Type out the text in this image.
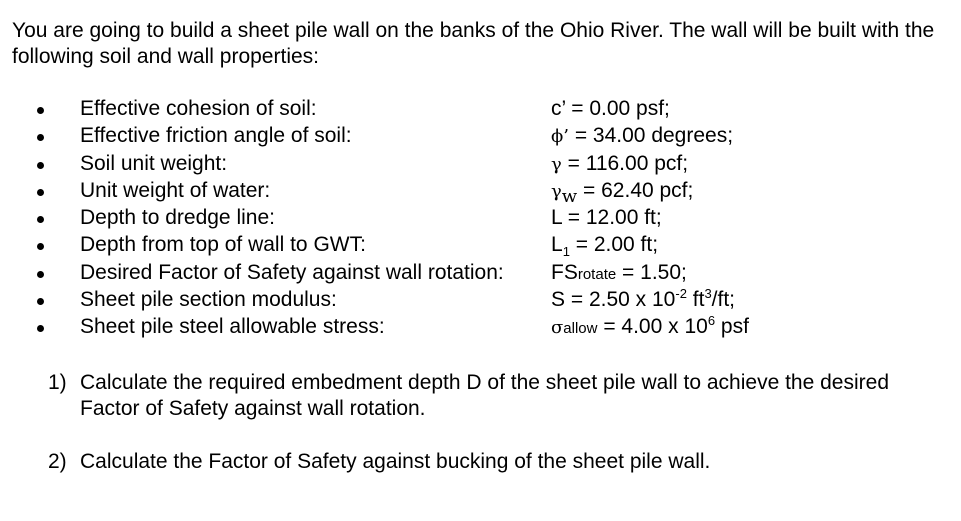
You are going to build a sheet pile wall on the banks of the Ohio River. The wall will be built with the following soil and wall properties:

Effective cohesion of soil:	c’ = 0.00 psf;
Effective friction angle of soil:	ϕ’ = 34.00 degrees;
Soil unit weight:	γ = 116.00 pcf;
Unit weight of water:	$\gamma_w = 62.40$ pcf;
Depth to dredge line:	L = 12.00 ft;
Depth from top of wall to GWT:	$L_1 = 2.00$ ft;
Desired Factor of Safety against wall rotation: FSrotate = 1.50;
Sheet pile section modulus:	S = 2.50 x $10^{-2}$ $ft^3/ft$;
Sheet pile steel allowable stress:	σallow = 4.00 x $10^6$ psf
1) Calculate the required embedment depth D of the sheet pile wall to achieve the desired Factor of Safety against wall rotation.
2) Calculate the Factor of Safety against bucking of the sheet pile wall.
